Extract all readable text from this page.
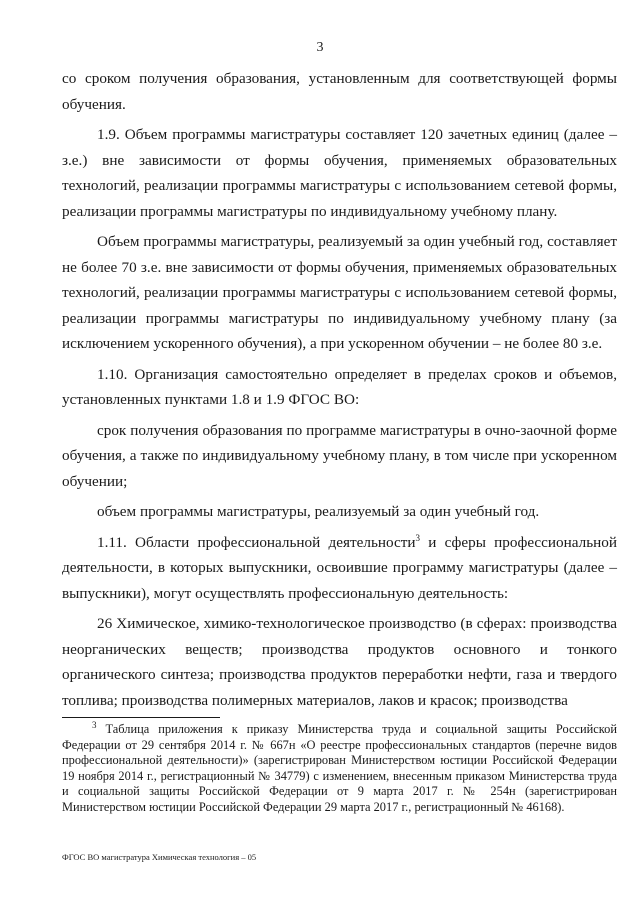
3

со сроком получения образования, установленным для соответствующей формы обучения.

1.9. Объем программы магистратуры составляет 120 зачетных единиц (далее – з.е.) вне зависимости от формы обучения, применяемых образовательных технологий, реализации программы магистратуры с использованием сетевой формы, реализации программы магистратуры по индивидуальному учебному плану.

Объем программы магистратуры, реализуемый за один учебный год, составляет не более 70 з.е. вне зависимости от формы обучения, применяемых образовательных технологий, реализации программы магистратуры с использованием сетевой формы, реализации программы магистратуры по индивидуальному учебному плану (за исключением ускоренного обучения), а при ускоренном обучении – не более 80 з.е.

1.10. Организация самостоятельно определяет в пределах сроков и объемов, установленных пунктами 1.8 и 1.9 ФГОС ВО:

срок получения образования по программе магистратуры в очно-заочной форме обучения, а также по индивидуальному учебному плану, в том числе при ускоренном обучении;

объем программы магистратуры, реализуемый за один учебный год.

1.11. Области профессиональной деятельности$^3$ и сферы профессиональной деятельности, в которых выпускники, освоившие программу магистратуры (далее – выпускники), могут осуществлять профессиональную деятельность:

26 Химическое, химико-технологическое производство (в сферах: производства неорганических веществ; производства продуктов основного и тонкого органического синтеза; производства продуктов переработки нефти, газа и твердого топлива; производства полимерных материалов, лаков и красок; производства

$^3$ Таблица приложения к приказу Министерства труда и социальной защиты Российской Федерации от 29 сентября 2014 г. № 667н «О реестре профессиональных стандартов (перечне видов профессиональной деятельности)» (зарегистрирован Министерством юстиции Российской Федерации 19 ноября 2014 г., регистрационный № 34779) с изменением, внесенным приказом Министерства труда и социальной защиты Российской Федерации от 9 марта 2017 г. № 254н (зарегистрирован Министерством юстиции Российской Федерации 29 марта 2017 г., регистрационный № 46168).
ФГОС ВО магистратура Химическая технология – 05
